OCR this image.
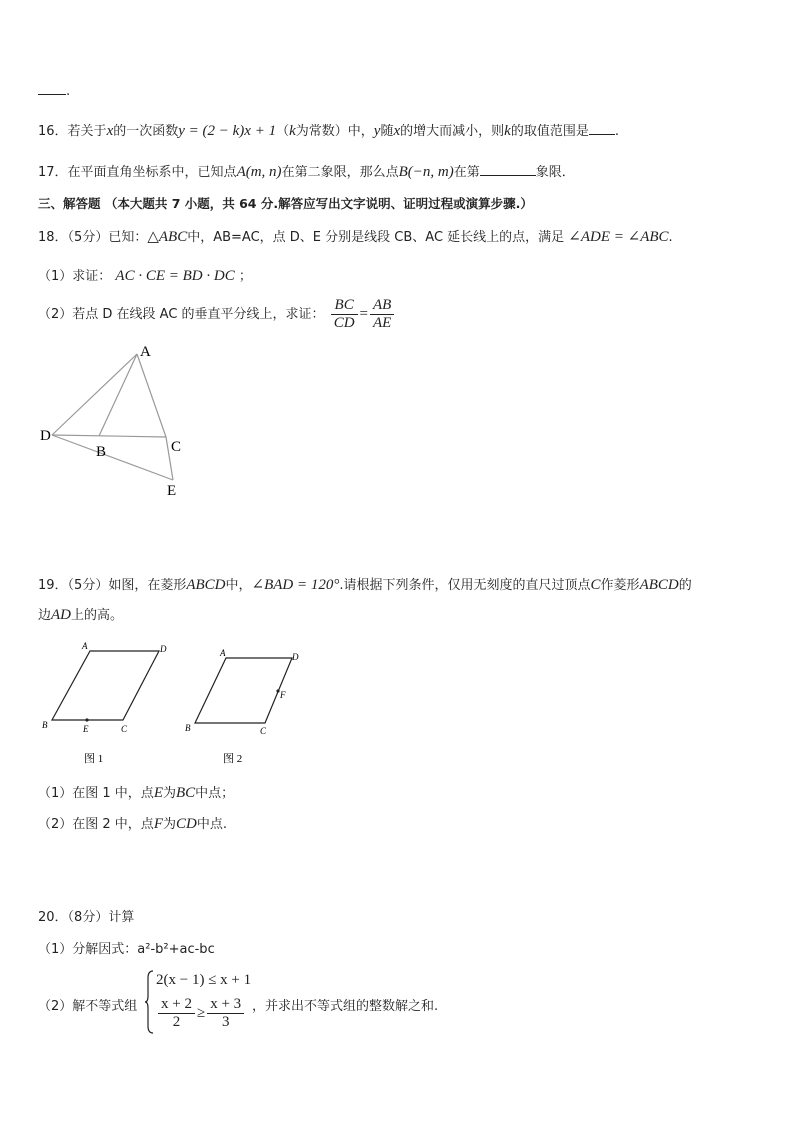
.
16．若关于x的一次函数y = (2 − k)x + 1（k为常数）中，y随x的增大而减小，则k的取值范围是 .
17．在平面直角坐标系中，已知点A(m, n)在第二象限，那么点B(−n, m)在第	象限．
三、解答题 （本大题共 7 小题，共 64 分.解答应写出文字说明、证明过程或演算步骤.）
18．（5分）已知：△ABC中，AB=AC，点 D、E 分别是线段 CB、AC 延长线上的点，满足 ∠ADE = ∠ABC.
（1）求证： AC · CE = BD · DC ；
（2）若点 D 在线段 AC 的垂直平分线上，求证： $\frac{BC}{CD} = \frac{AB}{AE}$
A
D
B	C
E
19．（5分）如图，在菱形ABCD中，∠BAD = 120°.请根据下列条件，仅用无刻度的直尺过顶点C作菱形ABCD的
边AD上的高。
A	D
B	E	C
图 1
A	D
F
B	C
图 2
（1）在图 1 中，点E为BC中点；
（2）在图 2 中，点F为CD中点.
20．（8分）计算
（1）分解因式：a²-b²+ac-bc
（2）解不等式组
2(x − 1) ≤ x + 1
$\frac{x + 2}{2} \ge \frac{x + 3}{3}$ ，并求出不等式组的整数解之和.
